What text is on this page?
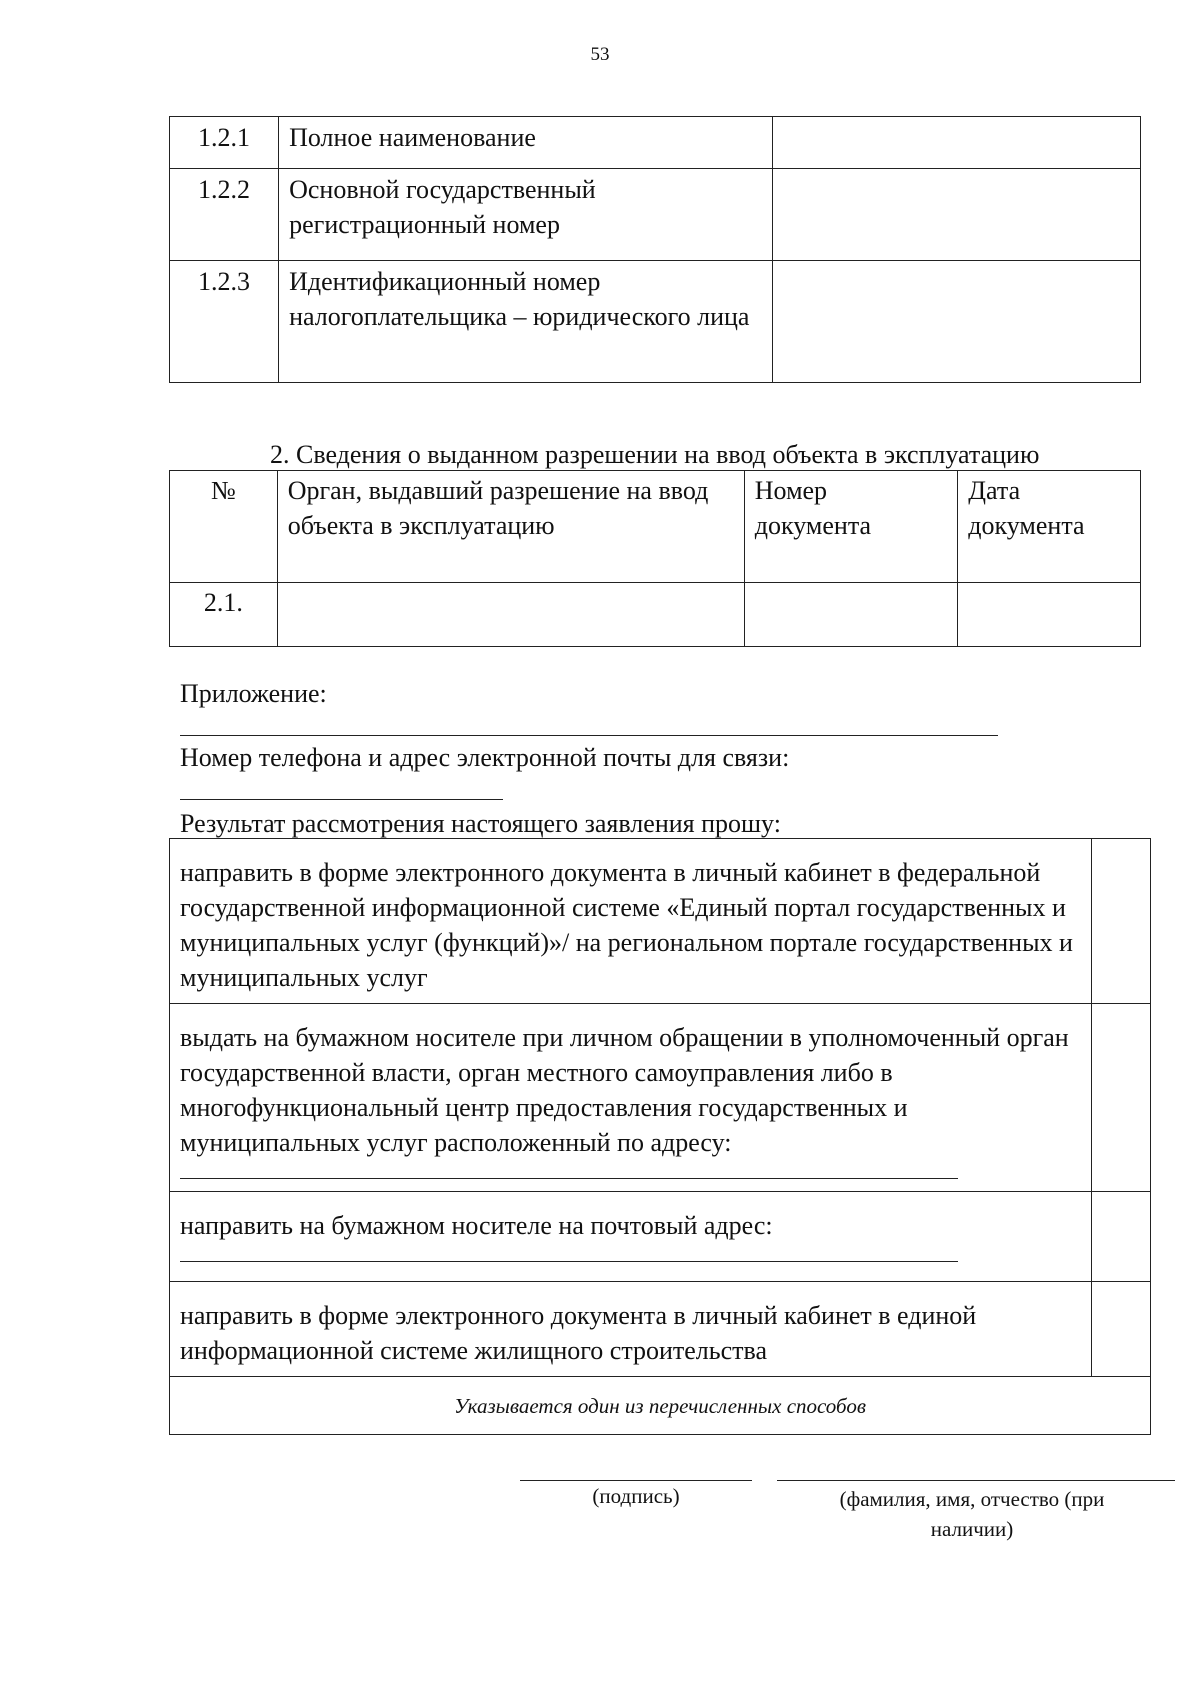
53
1.2.1	Полное наименование	
1.2.2	Основной государственный регистрационный номер	
1.2.3	Идентификационный номер налогоплательщика – юридического лица	
2. Сведения о выданном разрешении на ввод объекта в эксплуатацию
№	Орган, выдавший разрешение на ввод объекта в эксплуатацию	Номер документа	Дата документа
2.1.			
Приложение:
Номер телефона и адрес электронной почты для связи:
Результат рассмотрения настоящего заявления прошу:
направить в форме электронного документа в личный кабинет в федеральной государственной информационной системе «Единый портал государственных и муниципальных услуг (функций)»/ на региональном портале государственных и муниципальных услуг	

выдать на бумажном носителе при личном обращении в уполномоченный орган государственной власти, орган местного самоуправления либо в многофункциональный центр предоставления государственных и муниципальных услуг расположенный по адресу:	

направить на бумажном носителе на почтовый адрес:	

направить в форме электронного документа в личный кабинет в единой информационной системе жилищного строительства	
Указывается один из перечисленных способов	
(подпись)	(фамилия, имя, отчество (при наличии)
